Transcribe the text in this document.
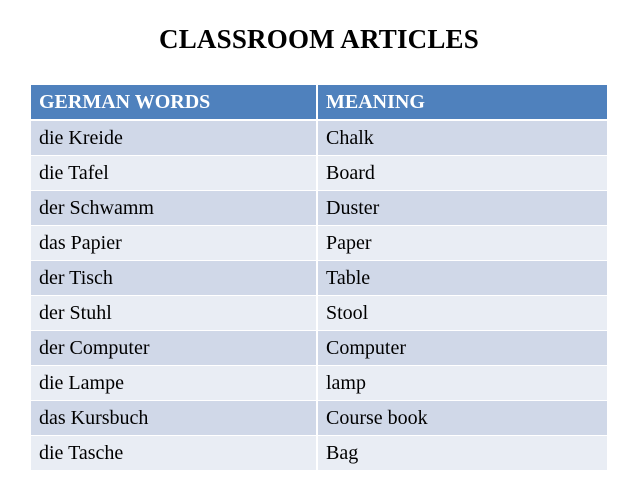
CLASSROOM ARTICLES
GERMAN WORDS	MEANING
die Kreide	Chalk
die Tafel	Board
der Schwamm	Duster
das Papier	Paper
der Tisch	Table
der Stuhl	Stool
der Computer	Computer
die Lampe	lamp
das Kursbuch	Course book
die Tasche	Bag
